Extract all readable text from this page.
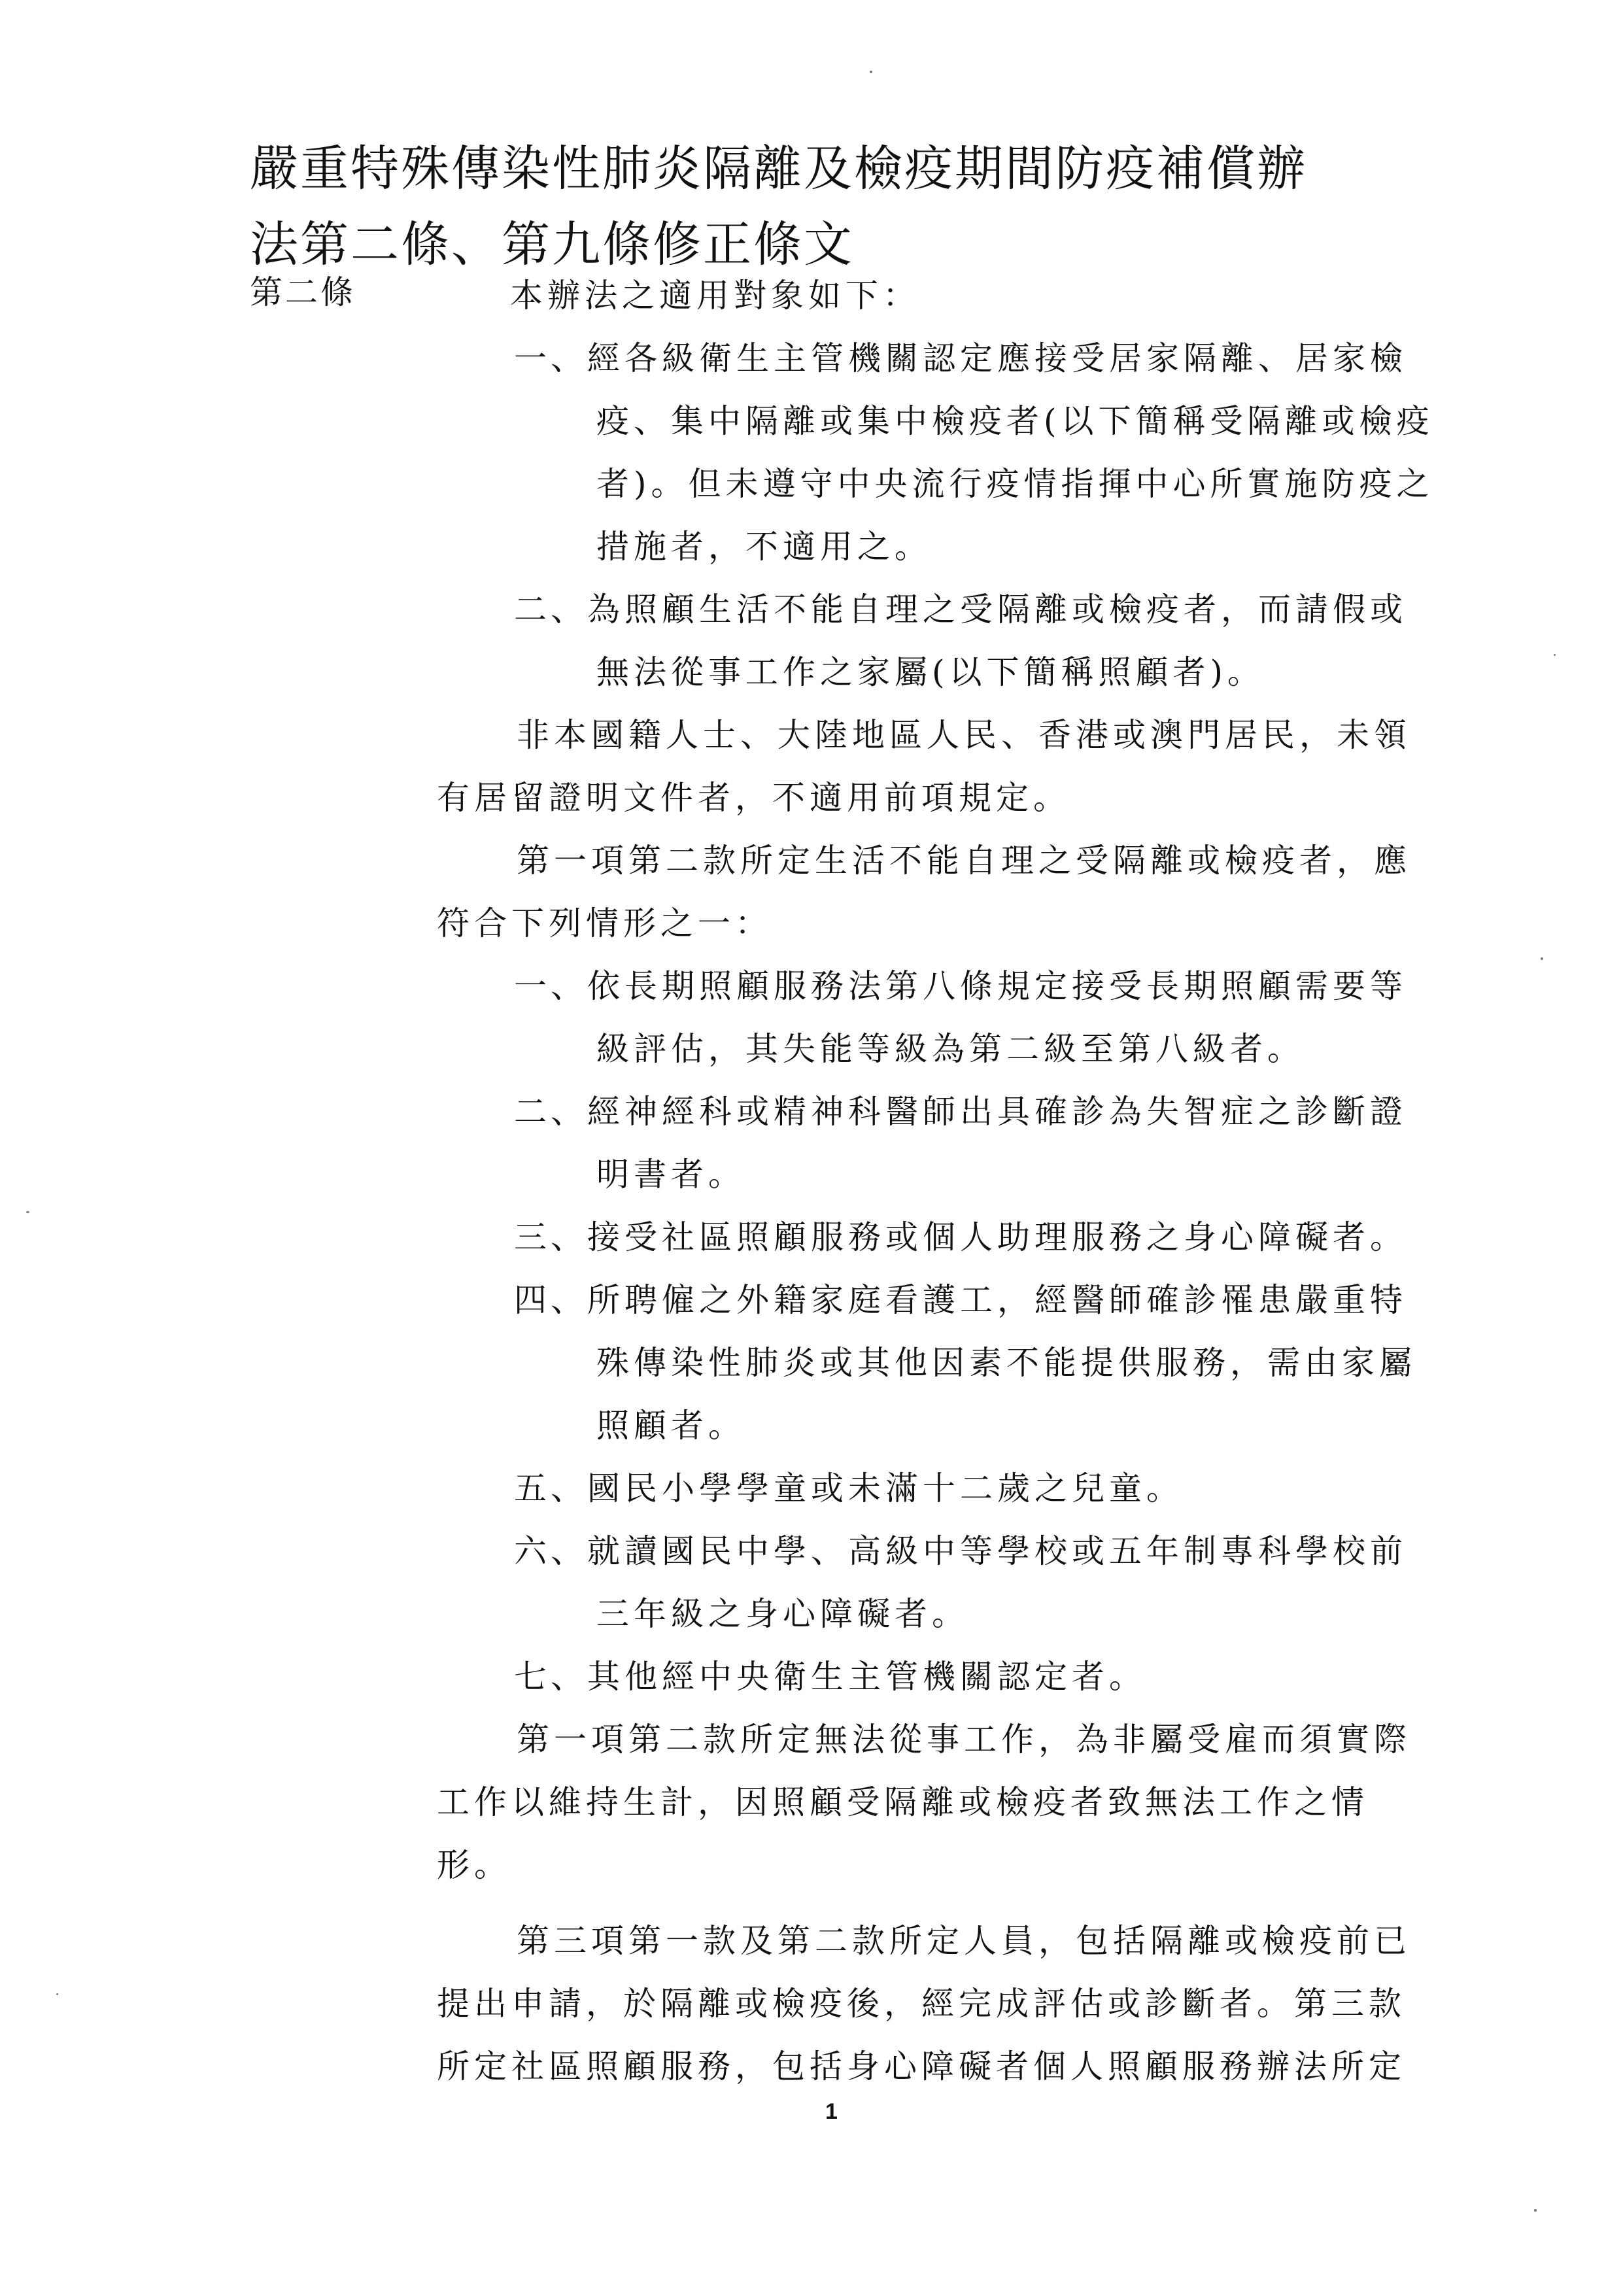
嚴重特殊傳染性肺炎隔離及檢疫期間防疫補償辦
法第二條、第九條修正條文
第二條	本辦法之適用對象如下：

一、經各級衛生主管機關認定應接受居家隔離、居家檢疫、集中隔離或集中檢疫者(以下簡稱受隔離或檢疫者)。但未遵守中央流行疫情指揮中心所實施防疫之措施者，不適用之。
二、為照顧生活不能自理之受隔離或檢疫者，而請假或無法從事工作之家屬(以下簡稱照顧者)。

非本國籍人士、大陸地區人民、香港或澳門居民，未領有居留證明文件者，不適用前項規定。

第一項第二款所定生活不能自理之受隔離或檢疫者，應符合下列情形之一：

一、依長期照顧服務法第八條規定接受長期照顧需要等級評估，其失能等級為第二級至第八級者。
二、經神經科或精神科醫師出具確診為失智症之診斷證明書者。
三、接受社區照顧服務或個人助理服務之身心障礙者。
四、所聘僱之外籍家庭看護工，經醫師確診罹患嚴重特殊傳染性肺炎或其他因素不能提供服務，需由家屬照顧者。
五、國民小學學童或未滿十二歲之兒童。
六、就讀國民中學、高級中等學校或五年制專科學校前三年級之身心障礙者。
七、其他經中央衛生主管機關認定者。

第一項第二款所定無法從事工作，為非屬受雇而須實際工作以維持生計，因照顧受隔離或檢疫者致無法工作之情形。

第三項第一款及第二款所定人員，包括隔離或檢疫前已提出申請，於隔離或檢疫後，經完成評估或診斷者。第三款所定社區照顧服務，包括身心障礙者個人照顧服務辦法所定

1
